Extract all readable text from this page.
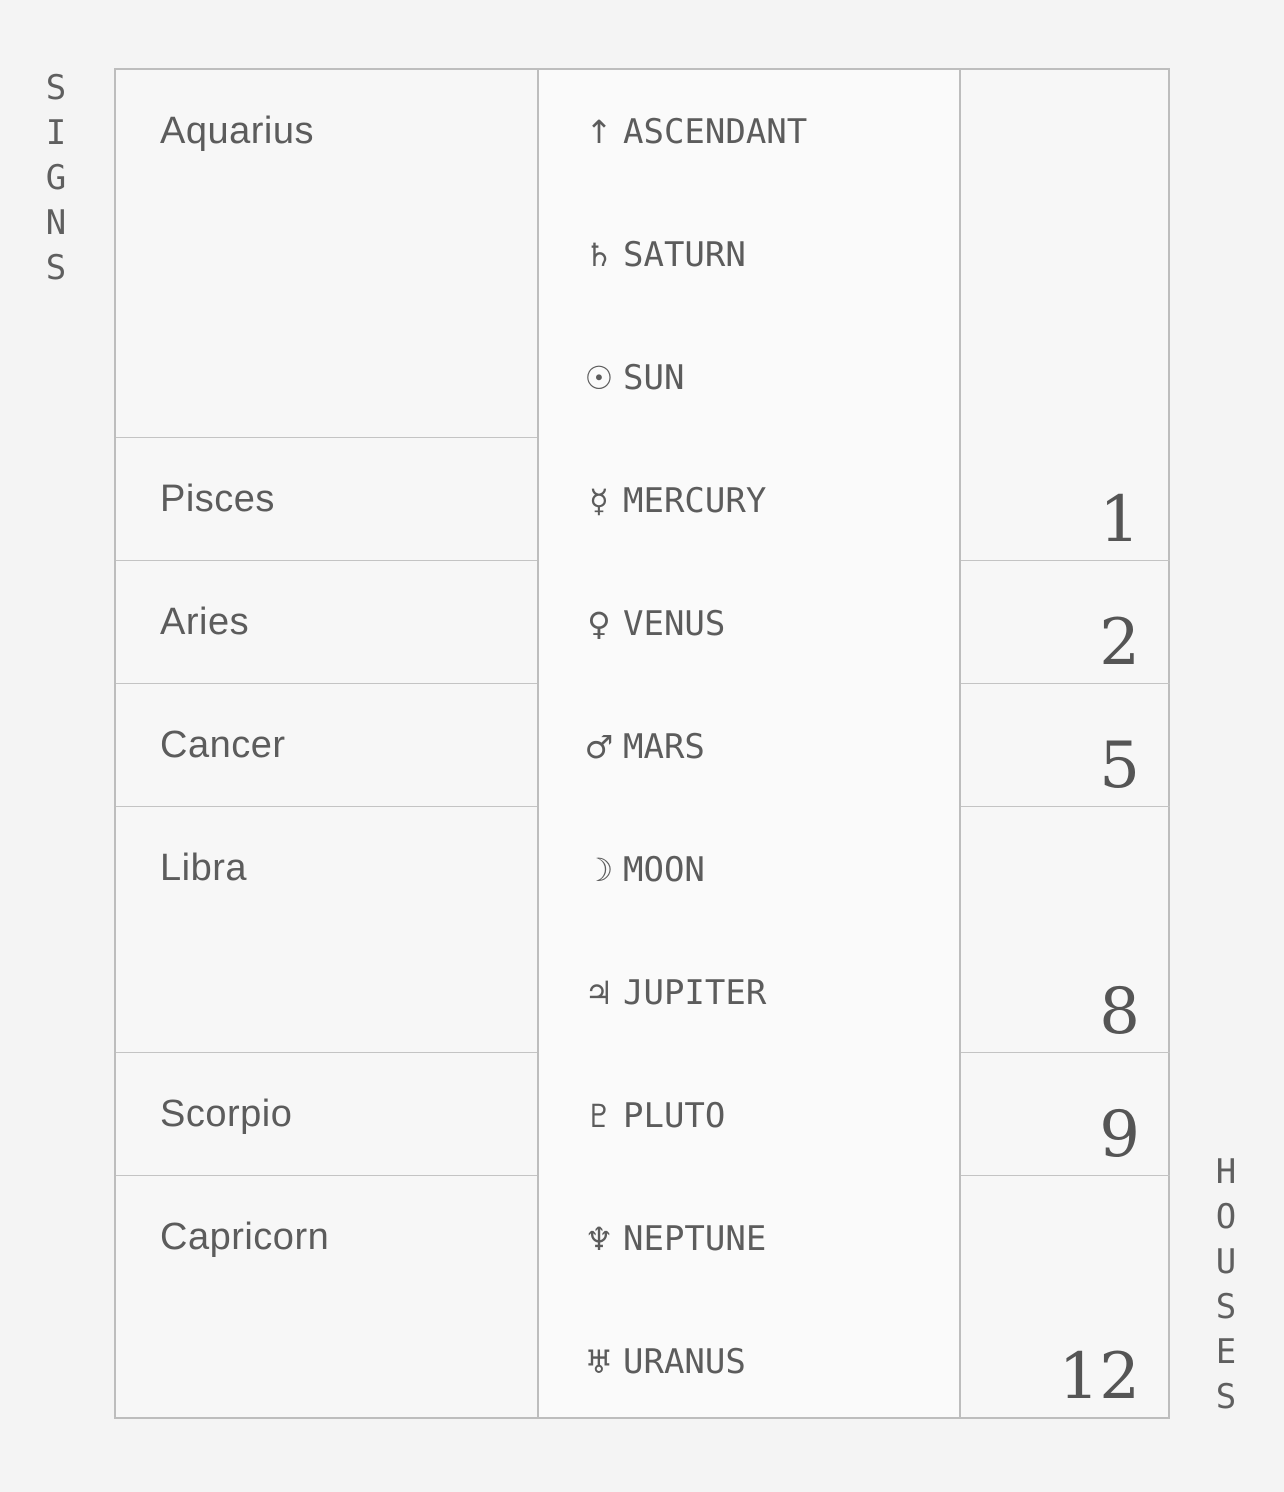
S
I
G
N
S
Aquarius
Pisces
Aries
Cancer
Libra
Scorpio
Capricorn
↑ ASCENDANT
♄ SATURN
☉ SUN
☿ MERCURY
♀ VENUS
♂ MARS
☽ MOON
♃ JUPITER
♇ PLUTO
♆ NEPTUNE
♅ URANUS
1
2
5
8
9
12
H
O
U
S
E
S
